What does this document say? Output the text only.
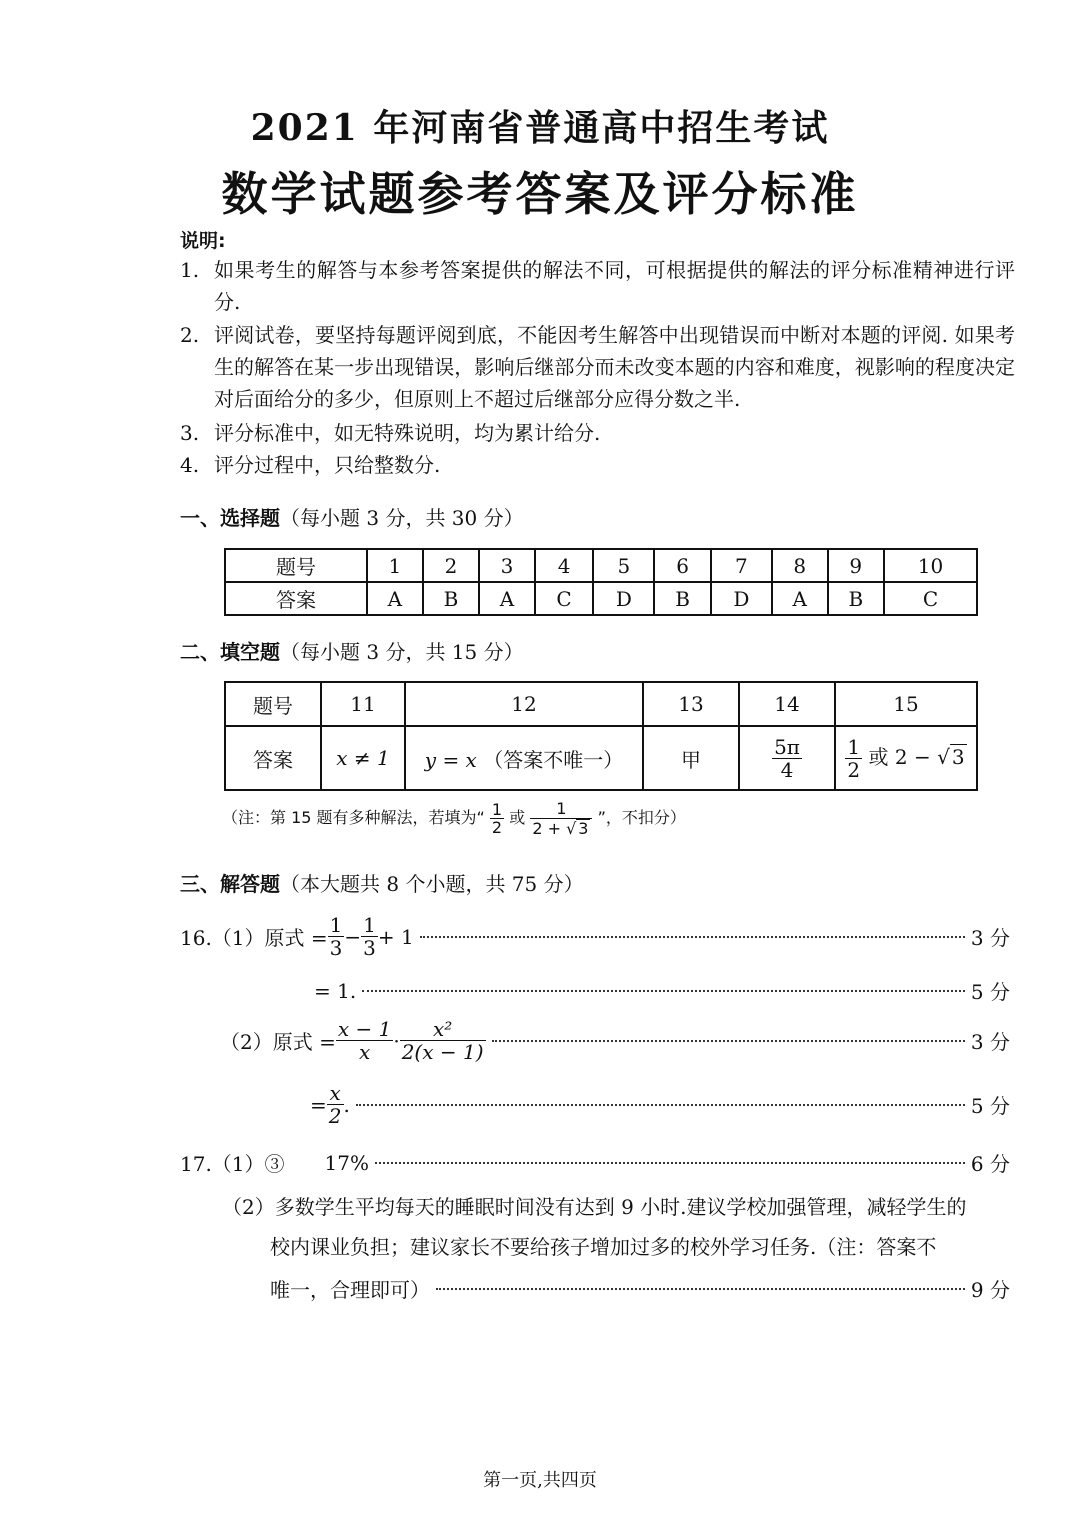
2021 年河南省普通高中招生考试
数学试题参考答案及评分标准
说明:
1. 如果考生的解答与本参考答案提供的解法不同，可根据提供的解法的评分标准精神进行评分.
2. 评阅试卷，要坚持每题评阅到底，不能因考生解答中出现错误而中断对本题的评阅. 如果考生的解答在某一步出现错误，影响后继部分而未改变本题的内容和难度，视影响的程度决定对后面给分的多少，但原则上不超过后继部分应得分数之半.
3. 评分标准中，如无特殊说明，均为累计给分.
4. 评分过程中，只给整数分.
一、选择题（每小题 3 分，共 30 分）
题号	1	2	3	4	5	6	7	8	9	10
答案	A	B	A	C	D	B	D	A	B	C
二、填空题（每小题 3 分，共 15 分）
题号	11	12	13	14	15
答案	x ≠ 1	y = x （答案不唯一）	甲	$\frac{5\pi}{4}$	$\frac{1}{2}$ 或 2 − √ 3
（注：第 15 题有多种解法，若填为“ $\frac{1}{2}$ 或 $\frac{1}{2 + √ 3}$ ”，不扣分）
三、解答题（本大题共 8 个小题，共 75 分）
16.（1）原式 = $\frac{1}{3} - \frac{1}{3} + 1$	3 分
= 1.	5 分
（2）原式 = $\frac{x - 1}{x} \cdot \frac{\text{x²}}{2(x - 1)}$	3 分
= $\frac{x}{2}$ .	5 分
17.（1）③ 17%	6 分
（2）多数学生平均每天的睡眠时间没有达到 9 小时.建议学校加强管理，减轻学生的
校内课业负担；建议家长不要给孩子增加过多的校外学习任务.（注：答案不
唯一，合理即可）	9 分
第一页,共四页
